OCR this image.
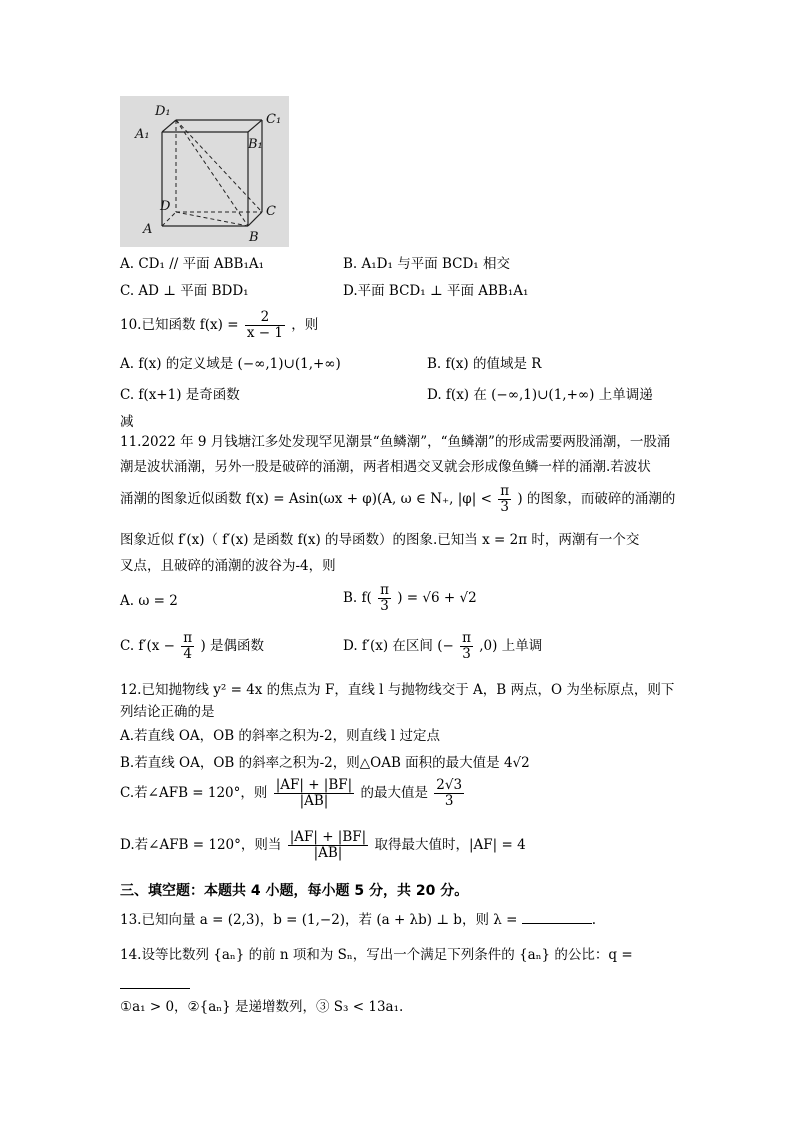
D₁
A₁
B₁
C₁
D	C
A
B
A. CD₁ // 平面 ABB₁A₁	B. A₁D₁ 与平面 BCD₁ 相交
C. AD ⊥ 平面 BDD₁	D.平面 BCD₁ ⊥ 平面 ABB₁A₁
10.已知函数 $f(x) = \frac{2}{x - 1}$ ，则
A. f(x) 的定义域是 (−∞,1)∪(1,+∞)	B. f(x) 的值域是 R
C. f(x+1) 是奇函数	D. f(x) 在 (−∞,1)∪(1,+∞) 上单调递
减
11.2022 年 9 月钱塘江多处发现罕见潮景“鱼鳞潮”，“鱼鳞潮”的形成需要两股涌潮，一股涌
潮是波状涌潮，另外一股是破碎的涌潮，两者相遇交叉就会形成像鱼鳞一样的涌潮.若波状
涌潮的图象近似函数 f(x) = Asin(ωx + φ)(A, ω ∈ N₊, $|\varphi| < \frac{\pi}{3}$ ) 的图象，而破碎的涌潮的
图象近似 f′(x)（ f′(x) 是函数 f(x) 的导函数）的图象.已知当 x = 2π 时，两潮有一个交
叉点，且破碎的涌潮的波谷为-4，则
A. ω = 2	B. $f( \frac{\pi}{3}$ ) = √6 + √2
C. $f'(x - \frac{\pi}{4}$ ) 是偶函数	D. f′(x) 在区间 (− $\frac{\pi}{3} ,0$) 上单调
12.已知抛物线 y² = 4x 的焦点为 F，直线 l 与抛物线交于 A，B 两点，O 为坐标原点，则下
列结论正确的是
A.若直线 OA，OB 的斜率之积为-2，则直线 l 过定点
B.若直线 OA，OB 的斜率之积为-2，则△OAB 面积的最大值是 4√2
C.若∠AFB = 120°，则 $\frac{|AF| + |BF|}{|AB|}$ 的最大值是 $\frac{2√3}{3}$
D.若∠AFB = 120°，则当 $\frac{|AF| + |BF|}{|AB|}$ 取得最大值时，|AF| = 4
三、填空题：本题共 4 小题，每小题 5 分，共 20 分。
13.已知向量 a = (2,3)，b = (1,−2)，若 (a + λb) ⊥ b，则 λ =	.
14.设等比数列 {aₙ} 的前 n 项和为 Sₙ，写出一个满足下列条件的 {aₙ} 的公比：q =
①a₁ > 0，②{aₙ} 是递增数列，③ S₃ < 13a₁.
